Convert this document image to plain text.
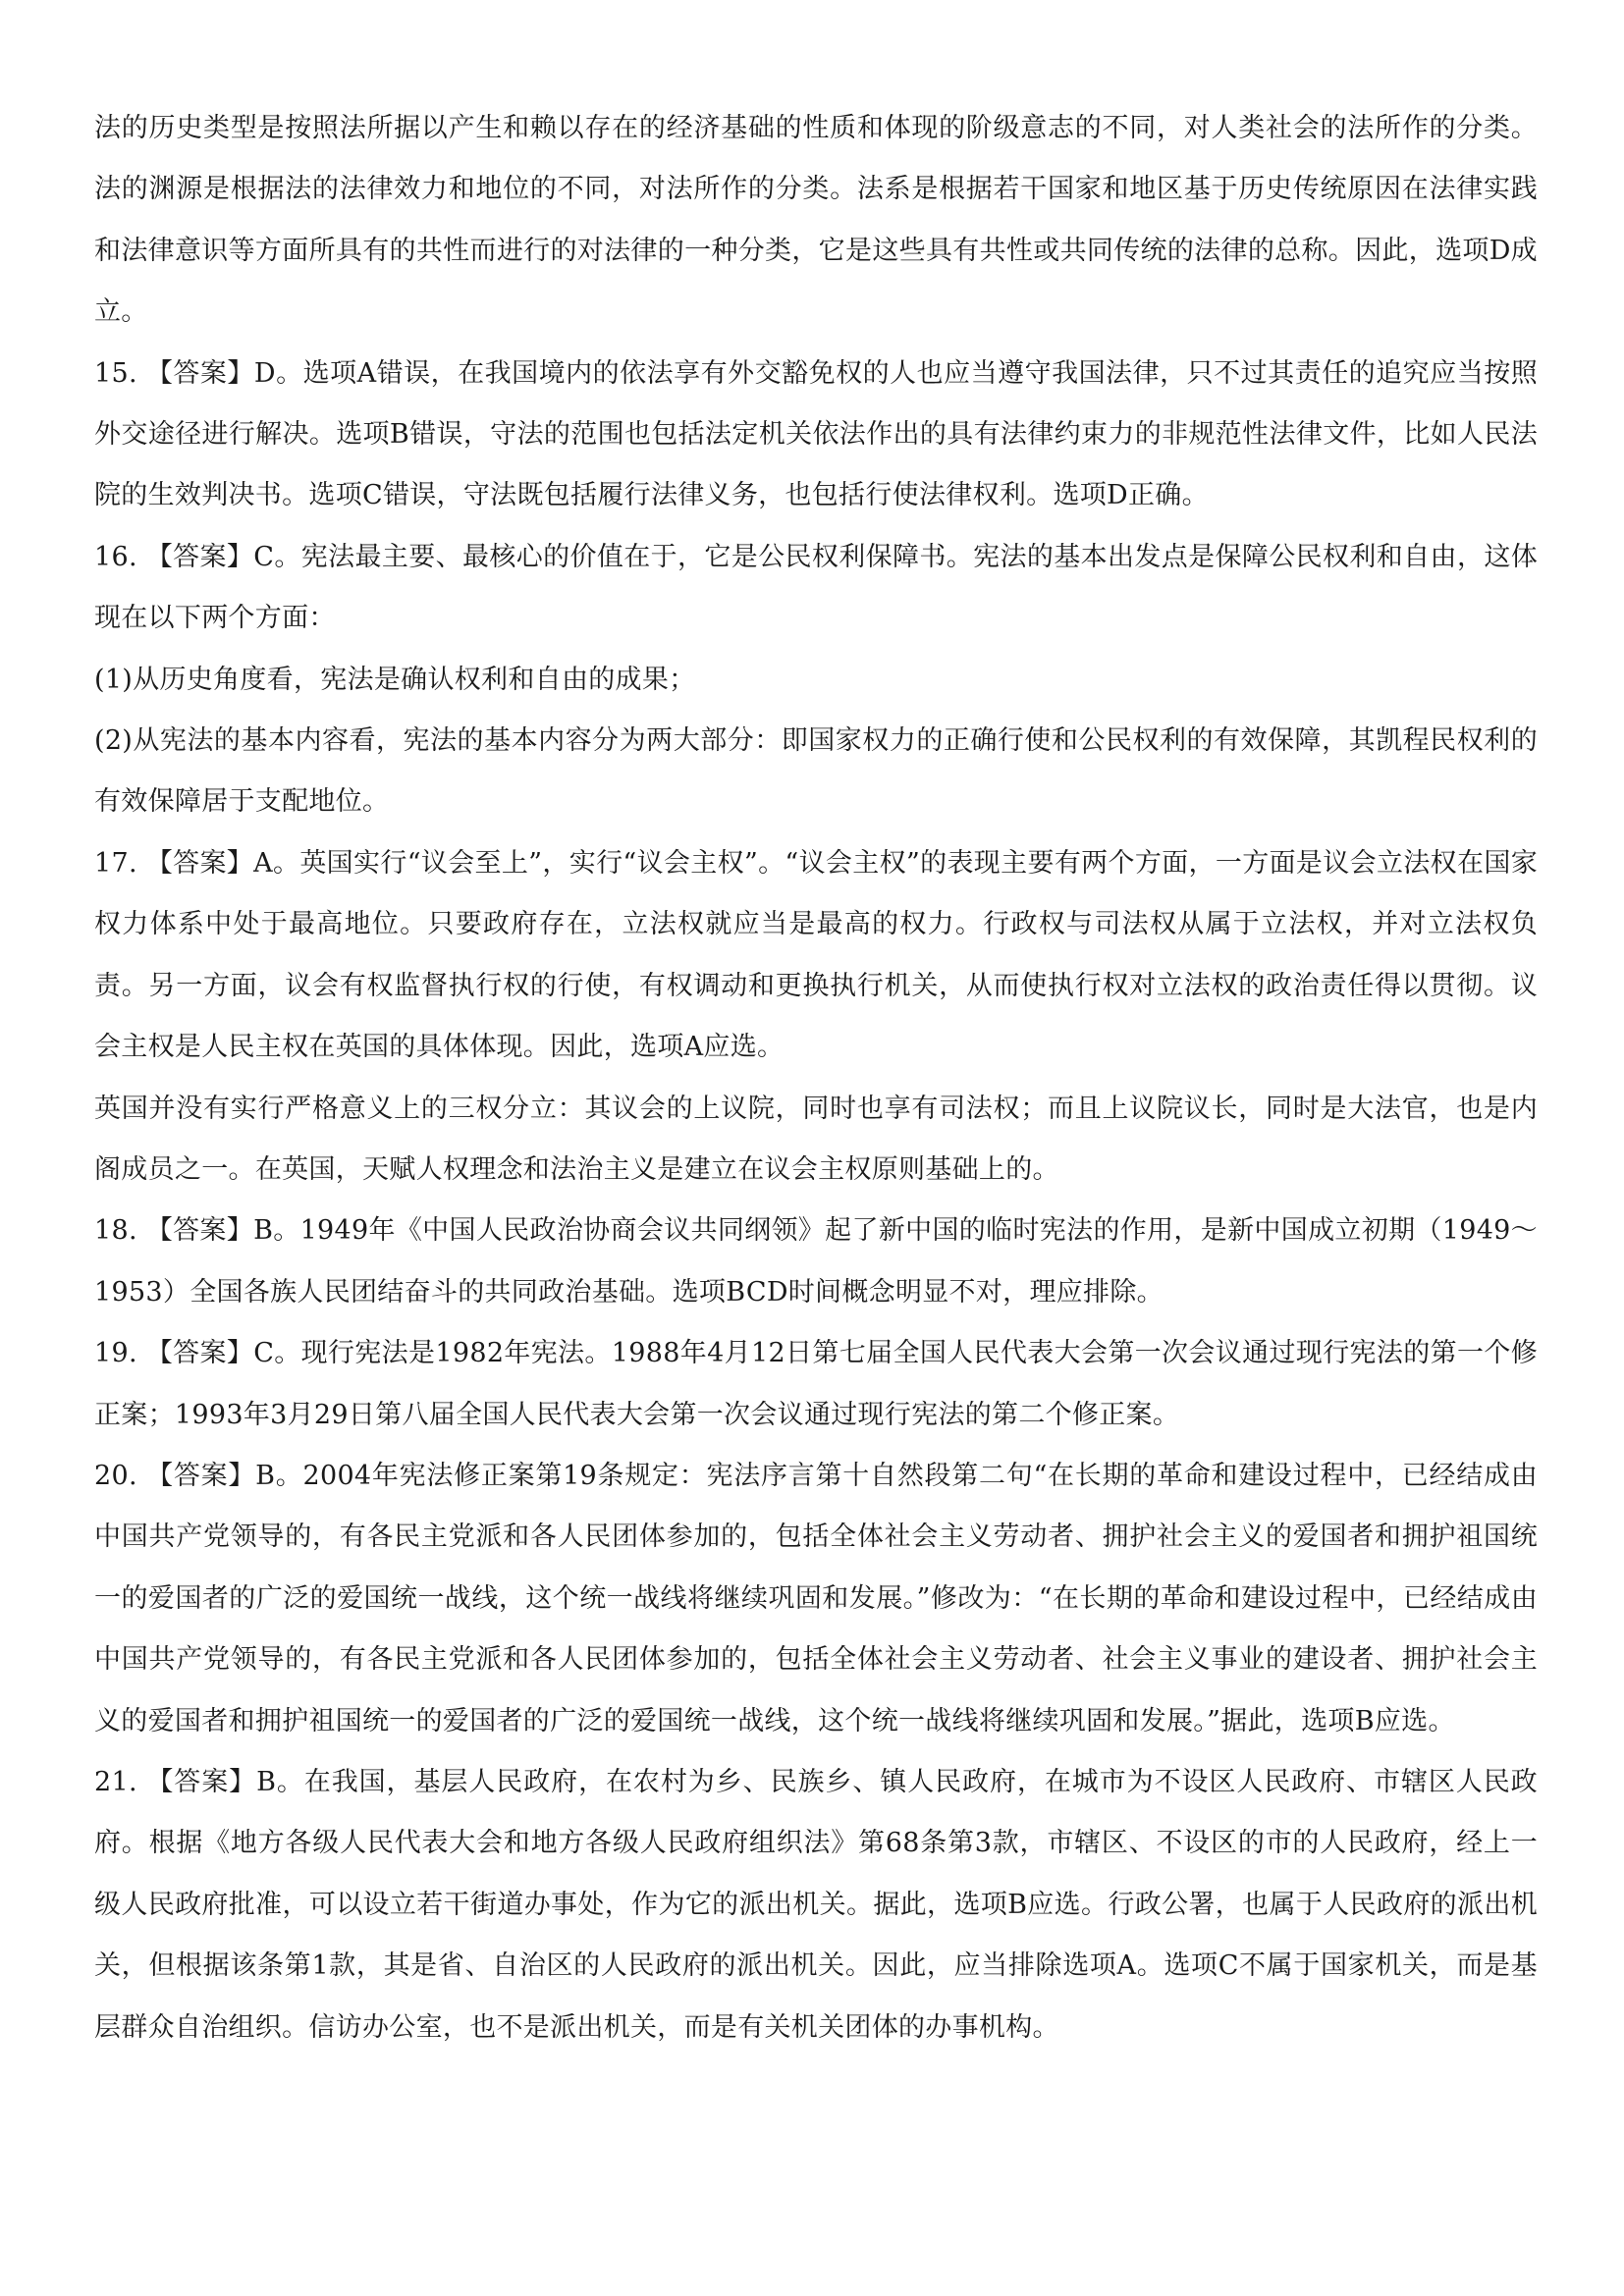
法的历史类型是按照法所据以产生和赖以存在的经济基础的性质和体现的阶级意志的不同，对人类社会的法所作的分类。法的渊源是根据法的法律效力和地位的不同，对法所作的分类。法系是根据若干国家和地区基于历史传统原因在法律实践和法律意识等方面所具有的共性而进行的对法律的一种分类，它是这些具有共性或共同传统的法律的总称。因此，选项D成立。

15. 【答案】D。选项A错误，在我国境内的依法享有外交豁免权的人也应当遵守我国法律，只不过其责任的追究应当按照外交途径进行解决。选项B错误，守法的范围也包括法定机关依法作出的具有法律约束力的非规范性法律文件，比如人民法院的生效判决书。选项C错误，守法既包括履行法律义务，也包括行使法律权利。选项D正确。

16. 【答案】C。宪法最主要、最核心的价值在于，它是公民权利保障书。宪法的基本出发点是保障公民权利和自由，这体现在以下两个方面：

(1)从历史角度看，宪法是确认权利和自由的成果；

(2)从宪法的基本内容看，宪法的基本内容分为两大部分：即国家权力的正确行使和公民权利的有效保障，其凯程民权利的有效保障居于支配地位。

17. 【答案】A。英国实行“议会至上”，实行“议会主权”。“议会主权”的表现主要有两个方面，一方面是议会立法权在国家权力体系中处于最高地位。只要政府存在，立法权就应当是最高的权力。行政权与司法权从属于立法权，并对立法权负责。另一方面，议会有权监督执行权的行使，有权调动和更换执行机关，从而使执行权对立法权的政治责任得以贯彻。议会主权是人民主权在英国的具体体现。因此，选项A应选。

英国并没有实行严格意义上的三权分立：其议会的上议院，同时也享有司法权；而且上议院议长，同时是大法官，也是内阁成员之一。在英国，天赋人权理念和法治主义是建立在议会主权原则基础上的。

18. 【答案】B。1949年《中国人民政治协商会议共同纲领》起了新中国的临时宪法的作用，是新中国成立初期（1949～1953）全国各族人民团结奋斗的共同政治基础。选项BCD时间概念明显不对，理应排除。

19. 【答案】C。现行宪法是1982年宪法。1988年4月12日第七届全国人民代表大会第一次会议通过现行宪法的第一个修正案；1993年3月29日第八届全国人民代表大会第一次会议通过现行宪法的第二个修正案。

20. 【答案】B。2004年宪法修正案第19条规定：宪法序言第十自然段第二句“在长期的革命和建设过程中，已经结成由中国共产党领导的，有各民主党派和各人民团体参加的，包括全体社会主义劳动者、拥护社会主义的爱国者和拥护祖国统一的爱国者的广泛的爱国统一战线，这个统一战线将继续巩固和发展。”修改为：“在长期的革命和建设过程中，已经结成由中国共产党领导的，有各民主党派和各人民团体参加的，包括全体社会主义劳动者、社会主义事业的建设者、拥护社会主义的爱国者和拥护祖国统一的爱国者的广泛的爱国统一战线，这个统一战线将继续巩固和发展。”据此，选项B应选。

21. 【答案】B。在我国，基层人民政府，在农村为乡、民族乡、镇人民政府，在城市为不设区人民政府、市辖区人民政府。根据《地方各级人民代表大会和地方各级人民政府组织法》第68条第3款，市辖区、不设区的市的人民政府，经上一级人民政府批准，可以设立若干街道办事处，作为它的派出机关。据此，选项B应选。行政公署，也属于人民政府的派出机关，但根据该条第1款，其是省、自治区的人民政府的派出机关。因此，应当排除选项A。选项C不属于国家机关，而是基层群众自治组织。信访办公室，也不是派出机关，而是有关机关团体的办事机构。
